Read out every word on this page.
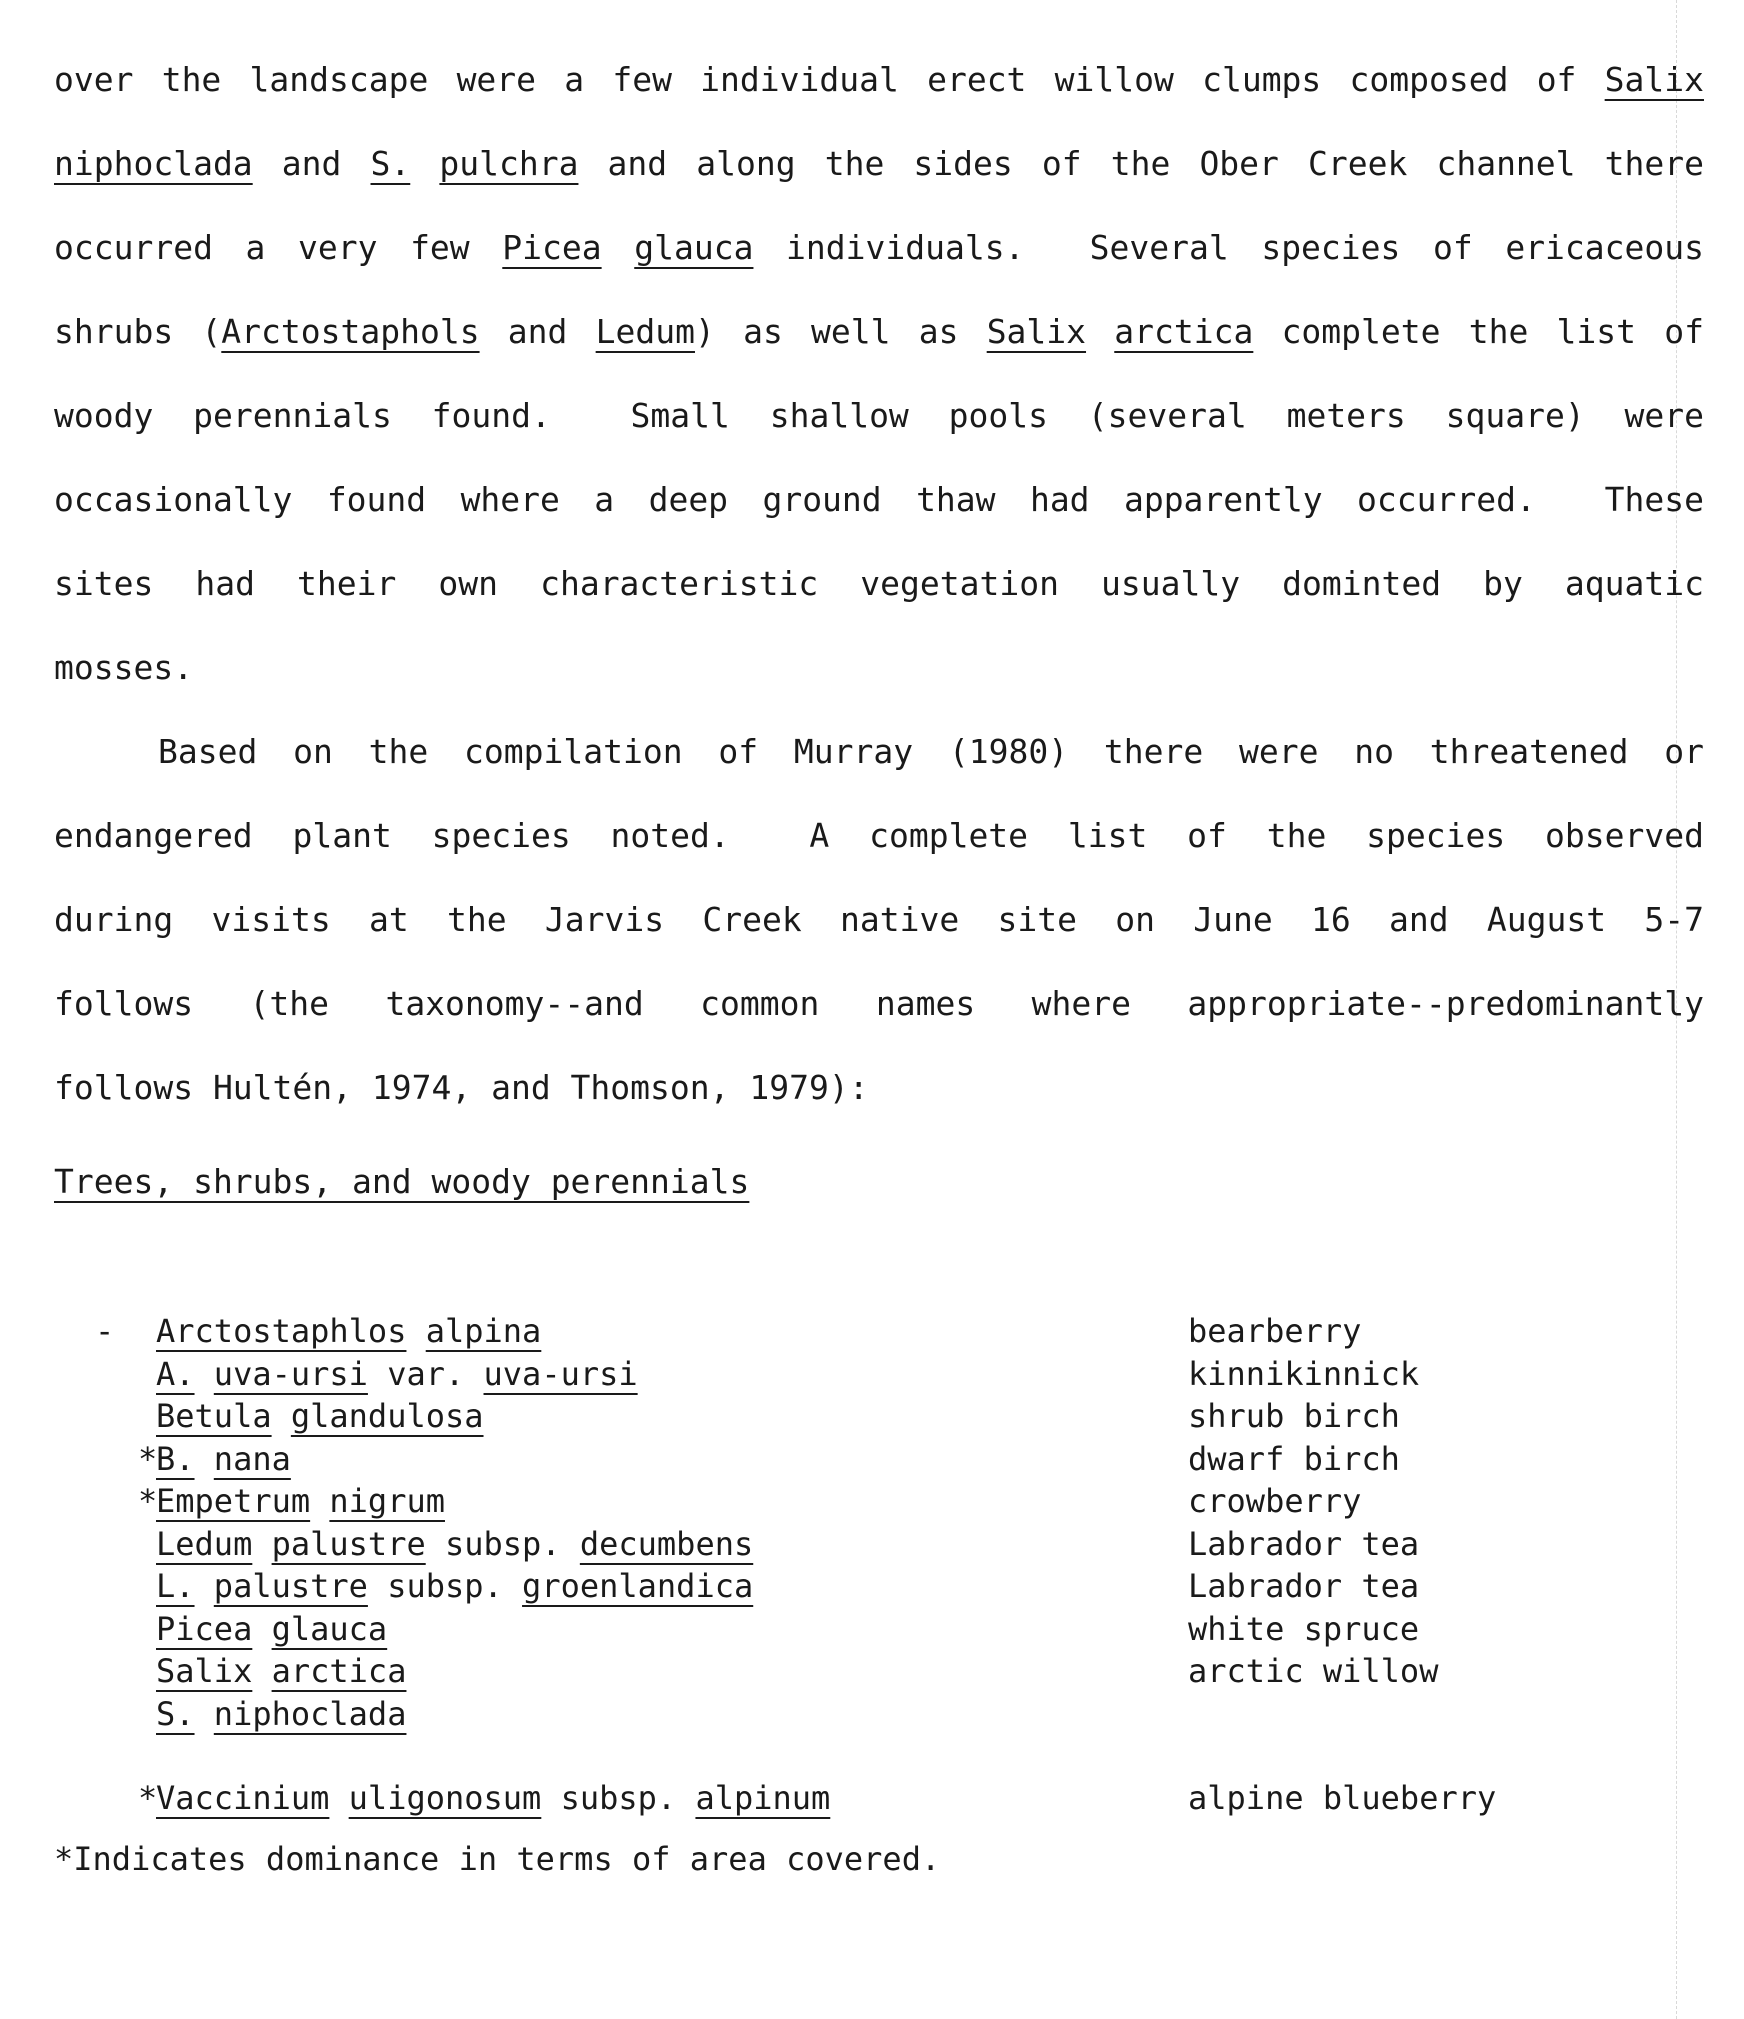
over the landscape were a few individual erect willow clumps composed of Salix
niphoclada and S. pulchra and along the sides of the Ober Creek channel there
occurred a very few Picea glauca individuals.  Several species of ericaceous
shrubs (Arctostaphols and Ledum) as well as Salix arctica complete the list of
woody perennials found.  Small shallow pools (several meters square) were
occasionally found where a deep ground thaw had apparently occurred.  These
sites had their own characteristic vegetation usually dominted by aquatic
mosses.
Based on the compilation of Murray (1980) there were no threatened or
endangered plant species noted.  A complete list of the species observed
during visits at the Jarvis Creek native site on June 16 and August 5-7
follows (the taxonomy--and common names where appropriate--predominantly
follows Hultén, 1974, and Thomson, 1979):
Trees, shrubs, and woody perennials
- Arctostaphlos alpina	bearberry
A. uva-ursi var. uva-ursi	kinnikinnick
Betula glandulosa	shrub birch
*
B. nana	dwarf birch
*
Empetrum nigrum	crowberry
Ledum palustre subsp. decumbens	Labrador tea
L. palustre subsp. groenlandica	Labrador tea
Picea glauca	white spruce
Salix arctica	arctic willow
S. niphoclada
*
Vaccinium uligonosum subsp. alpinum	alpine blueberry
*Indicates dominance in terms of area covered.
